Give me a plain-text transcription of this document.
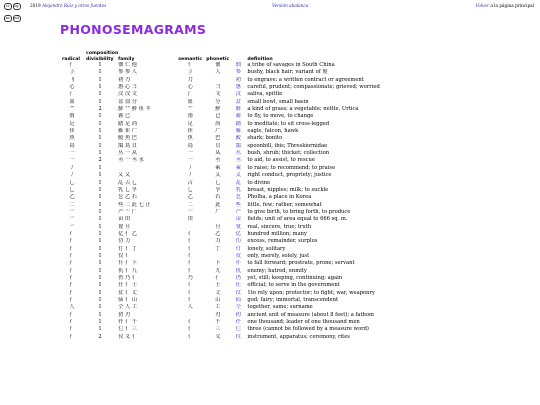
cc bync nd
2019 Alejandro Ruiz y otros fuentes	Versión abalanca	Volver a la página principal
PHONOSEMAGRAMS
	composition					
radical	divisibility	family	semantic	phonetic		definition
亻	1	佃 仁 他	亻	佃	佃	a tribe of savages in South China
彡	1	参 参 人	彡	人	参	bushy, black hair; variant of 髮
刂	1	初 刀	刀		初	to engrave; a written contract or agreement
心	1	惠 心 彐	心	彐	惠	careful, prudent; compassionate; grieved; worried
氵	1	汶 汉 文	氵	文	汶	saliva, spittle
皿	1	盆 皿 分	皿	分	盆	small bowl, small basin
艹	2	蘚 艹 鮮 鱼 羊	艹	鮮	蘚	a kind of grass; a vegetable; nettle, Urtica
雨	1	霧 已	雨	已	霧	to fly, to move, to change
足	1	踏 足 尚	足	尚	踏	to meditate; to sit cross-legged
隹	1	雁 隹 广	隹	广	雁	eagle, falcon, hawk
魚	1	鮫 魚 巴	魚	巴	鮫	shark; bonito
鳥	1	鵠 鳥 貝	鳥	貝	鵠	spoonbill, ibis; Threskiornidae
一	1	丛 一 从	一	从	丛	bush, shrub; thicket; collection
一	2	丞 一 丞 水	一	丞	丞	to aid, to assist, to rescue
丿	1		丿	乘	乘	to raise; to recommend; to praise
丿	1	乂 乂	丿	乂	乂	right conduct, propriety; justice
乚	1	乩 占 乚	占	乚	乩	to divine
乚	1	乳 乚 孚	乚	孚	乳	breast, nipples; milk; to suckle
乙	1	乭 乙 石	乙	石	乭	Pholha, a place in Korea
二	1	些 二 此 七 止	二	此	些	little, few; rather, somewhat
亠	1	产 亠 厂	亠	厂	产	to give birth, to bring forth, to produce
亠	1	亩 田	田		亩	fields; unit of area equal to 666 sq. m.
亠	1	亶 旦		旦	亶	real, sincere, true; truth
亻	1	亿 亻 乙	亻	乙	亿	hundred million; many
亻	1	仂 力	亻	力	仂	excess, remainder, surplus
亻	1	仃 亻 丁	亻	丁	仃	lonely, solitary
亻	1	仅 亻	亻		仅	only, merely, solely, just
亻	1	仆 亻 卜	亻	卜	仆	to fall forward; prostrate, prone; servant
亻	1	仇 亻 九	亻	九	仇	enemy; hatred, enmity
亻	1	仍 乃 亻	乃	亻	仍	yet, still; keeping, continuing; again
亻	1	仕 亻 士	亻	士	仕	official; to serve in the government
亻	1	仗 亻 丈	亻	丈	仗	1to rely upon; protector; to fight; war, weaponry
亻	1	仙 亻 山	亻	山	仙	god; fairy; immortal, transcendent
人	1	仝 人 工	人	工	仝	together, same; surname
亻	1	仞 刃		刃	仞	ancient unit of measure (about 8 feet); a fathom
亻	1	仟 亻 千	亻	千	仟	one thousand; leader of one thousand men
亻	1	仨 亻 三	亻	三	仨	three (cannot be followed by a measure word)
亻	2	仪 义 亻	亻	义	仪	instrument, apparatus; ceremony, rites
